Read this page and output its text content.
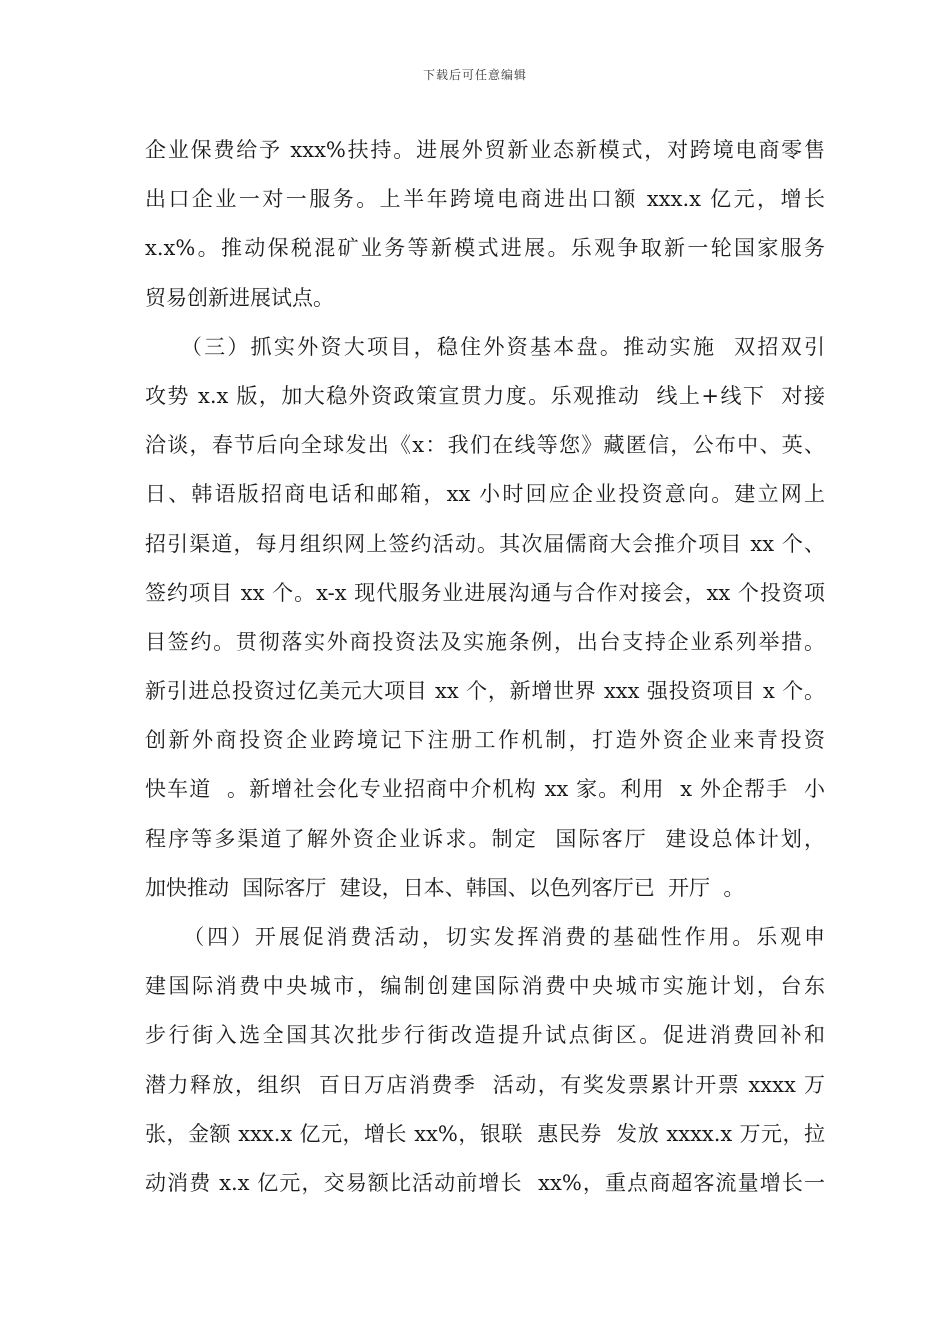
下载后可任意编辑
企业保费给予 xxx%扶持。进展外贸新业态新模式，对跨境电商零售
出口企业一对一服务。上半年跨境电商进出口额 xxx.x 亿元，增长
x.x%。推动保税混矿业务等新模式进展。乐观争取新一轮国家服务
贸易创新进展试点。
（三）抓实外资大项目，稳住外资基本盘。推动实施  双招双引
攻势 x.x 版，加大稳外资政策宣贯力度。乐观推动  线上+线下  对接
洽谈，春节后向全球发出《x：我们在线等您》藏匿信，公布中、英、
日、韩语版招商电话和邮箱，xx 小时回应企业投资意向。建立网上
招引渠道，每月组织网上签约活动。其次届儒商大会推介项目 xx 个、
签约项目 xx 个。x-x 现代服务业进展沟通与合作对接会，xx 个投资项
目签约。贯彻落实外商投资法及实施条例，出台支持企业系列举措。
新引进总投资过亿美元大项目 xx 个，新增世界 xxx 强投资项目 x 个。
创新外商投资企业跨境记下注册工作机制，打造外资企业来青投资
快车道  。新增社会化专业招商中介机构 xx 家。利用  x 外企帮手  小
程序等多渠道了解外资企业诉求。制定  国际客厅  建设总体计划，
加快推动  国际客厅  建设，日本、韩国、以色列客厅已  开厅  。
（四）开展促消费活动，切实发挥消费的基础性作用。乐观申
建国际消费中央城市，编制创建国际消费中央城市实施计划，台东
步行街入选全国其次批步行街改造提升试点街区。促进消费回补和
潜力释放，组织  百日万店消费季  活动，有奖发票累计开票 xxxx 万
张，金额 xxx.x 亿元，增长 xx%，银联  惠民券  发放 xxxx.x 万元，拉
动消费 x.x 亿元，交易额比活动前增长  xx%，重点商超客流量增长一
